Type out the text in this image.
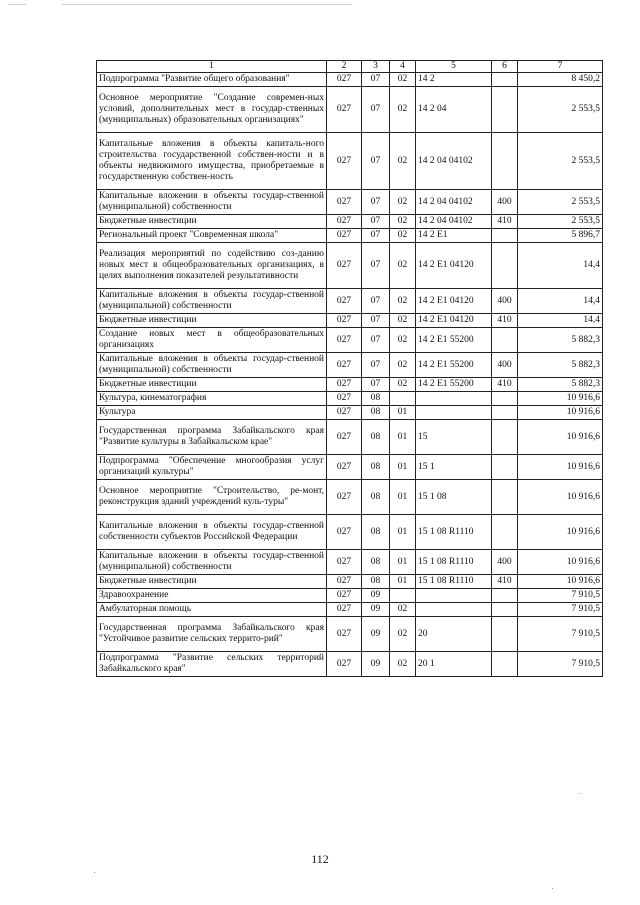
1	2	3	4	5	6	7
Подпрограмма "Развитие общего образования"	027	07	02	14 2		8 450,2
Основное мероприятие "Создание современ-ных условий, дополнительных мест в государ-ственных (муниципальных) образовательных организациях"	027	07	02	14 2 04		2 553,5
Капитальные вложения в объекты капиталь-ного строительства государственной собствен-ности и в объекты недвижимого имущества, приобретаемые в государственную собствен-ность	027	07	02	14 2 04 04102		2 553,5
Капитальные вложения в объекты государ-ственной (муниципальной) собственности	027	07	02	14 2 04 04102	400	2 553,5
Бюджетные инвестиции	027	07	02	14 2 04 04102	410	2 553,5
Региональный проект "Современная школа"	027	07	02	14 2 E1		5 896,7
Реализация мероприятий по содействию соз-данию новых мест в общеобразовательных организациях, в целях выполнения показателей результативности	027	07	02	14 2 E1 04120		14,4
Капитальные вложения в объекты государ-ственной (муниципальной) собственности	027	07	02	14 2 E1 04120	400	14,4
Бюджетные инвестиции	027	07	02	14 2 E1 04120	410	14,4
Создание новых мест в общеобразовательных организациях	027	07	02	14 2 E1 55200		5 882,3
Капитальные вложения в объекты государ-ственной (муниципальной) собственности	027	07	02	14 2 E1 55200	400	5 882,3
Бюджетные инвестиции	027	07	02	14 2 E1 55200	410	5 882,3
Культура, кинематография	027	08				10 916,6
Культура	027	08	01			10 916,6
Государственная программа Забайкальского края "Развитие культуры в Забайкальском крае"	027	08	01	15		10 916,6
Подпрограмма "Обеспечение многообразия услуг организаций культуры"	027	08	01	15 1		10 916,6
Основное мероприятие "Строительство, ре-монт, реконструкция зданий учреждений куль-туры"	027	08	01	15 1 08		10 916,6
Капитальные вложения в объекты государ-ственной собственности субъектов Российской Федерации	027	08	01	15 1 08 R1110		10 916,6
Капитальные вложения в объекты государ-ственной (муниципальной) собственности	027	08	01	15 1 08 R1110	400	10 916,6
Бюджетные инвестиции	027	08	01	15 1 08 R1110	410	10 916,6
Здравоохранение	027	09				7 910,5
Амбулаторная помощь	027	09	02			7 910,5
Государственная программа Забайкальского края "Устойчивое развитие сельских террито-рий"	027	09	02	20		7 910,5
Подпрограмма "Развитие сельских территорий Забайкальского края"	027	09	02	20 1		7 910,5
112
